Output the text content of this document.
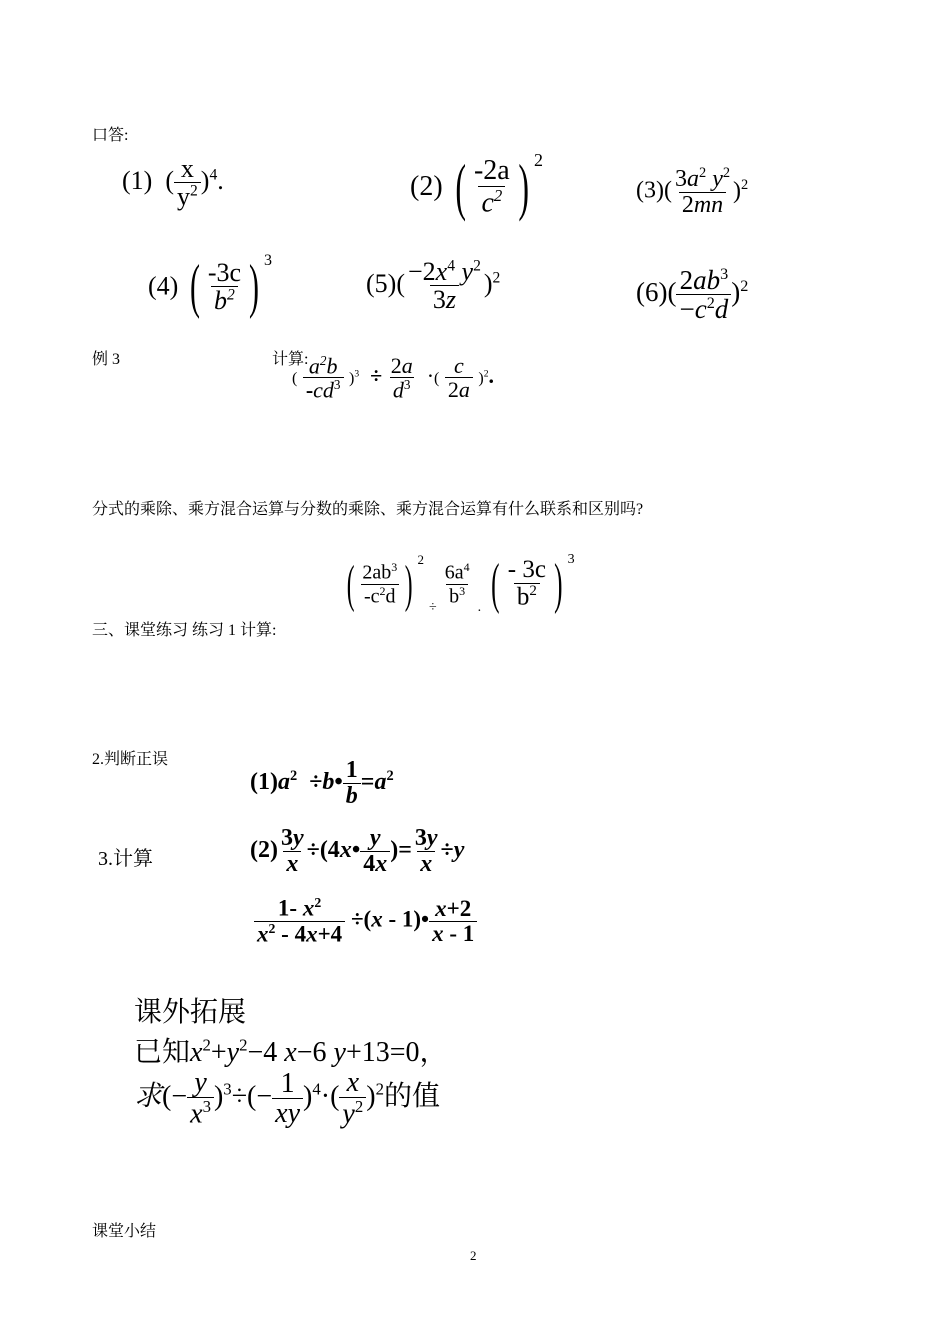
口答:
(1)  ( $\frac{x}{y^2} )^4$.	(2) ( $\frac{-2a}{c^2}$ ) $^2$
$(3)( \frac{3a^2 y^2}{2mn} )^2$
(4) ( $\frac{-3c}{b^2}$ ) $^3$
$(5)( \frac{-2x^4 y^2}{3z} )^2$	$(6)( \frac{2ab^3}{-c^2d} )^2$
例 3	计算:
( $\frac{a^2b}{-cd^3} )^3 \div \frac{2a}{d^3}$ ·( $\frac{c}{2a} )^2$.
分式的乘除、乘方混合运算与分数的乘除、乘方混合运算有什么联系和区别吗?
三、课堂练习 练习 1 计算:
( $\frac{2ab^3}{-c^2d}$ ) $^2$ ÷
$\frac{6a^4}{b^3}$
. ( $\frac{- 3c}{b^2}$ ) $^3$
2.判断正误
$(1)a^2$  ÷b• $\frac{1}{b} =a^2$
3.计算	$(2) \frac{3y}{x}$ ÷(4x• $\frac{y}{4x}$ )= $\frac{3y}{x} \div y$
$\frac{1- x^2}{x^2 - 4x+4} \div(x$ - 1)• $\frac{x+2}{x - 1}$
课外拓展
已知$x^2+y^2-4$ x−6 y+13=0，
求(− $\frac{y}{x^3} )^3\div(- \frac{1}{xy} )^4\cdot( \frac{x}{y^2} )^2$的值
课堂小结
2
